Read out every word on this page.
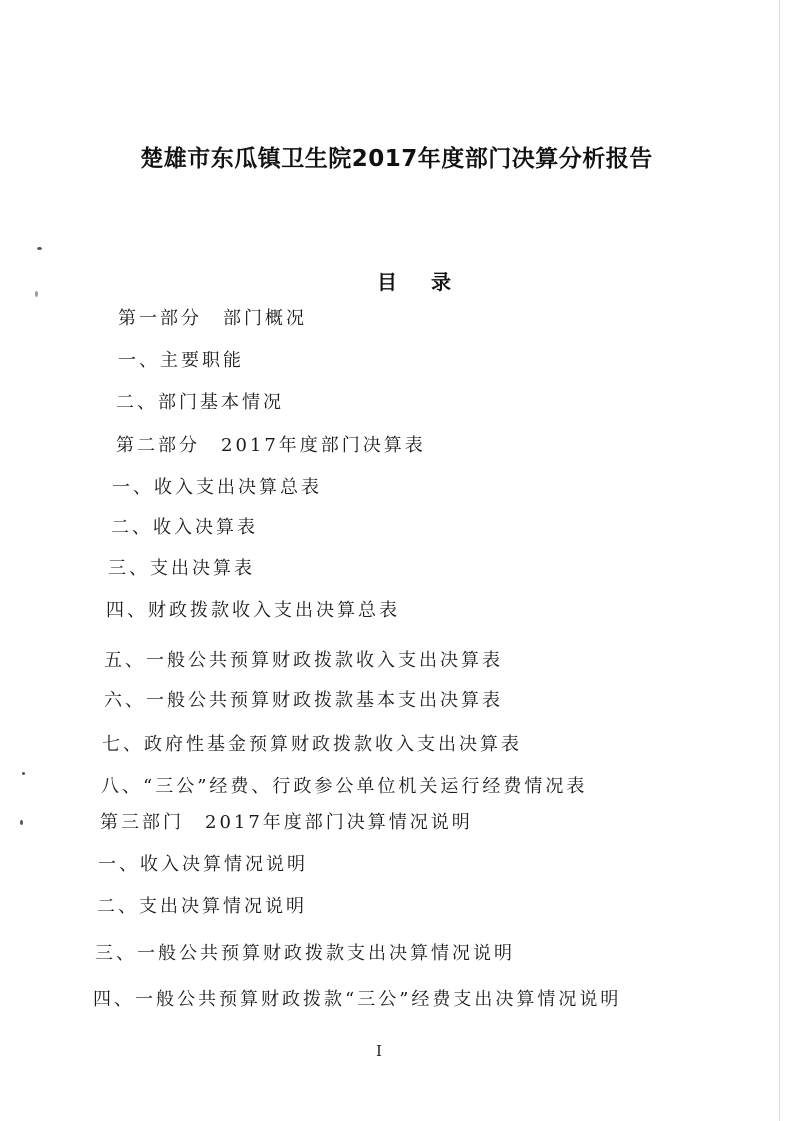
楚雄市东瓜镇卫生院2017年度部门决算分析报告
目录
第一部分　部门概况
一、主要职能
二、部门基本情况
第二部分　2017年度部门决算表
一、收入支出决算总表
二、收入决算表
三、支出决算表
四、财政拨款收入支出决算总表
五、一般公共预算财政拨款收入支出决算表
六、一般公共预算财政拨款基本支出决算表
七、政府性基金预算财政拨款收入支出决算表
八、“三公”经费、行政参公单位机关运行经费情况表
第三部门　2017年度部门决算情况说明
一、收入决算情况说明
二、支出决算情况说明
三、一般公共预算财政拨款支出决算情况说明
四、一般公共预算财政拨款“三公”经费支出决算情况说明
I
